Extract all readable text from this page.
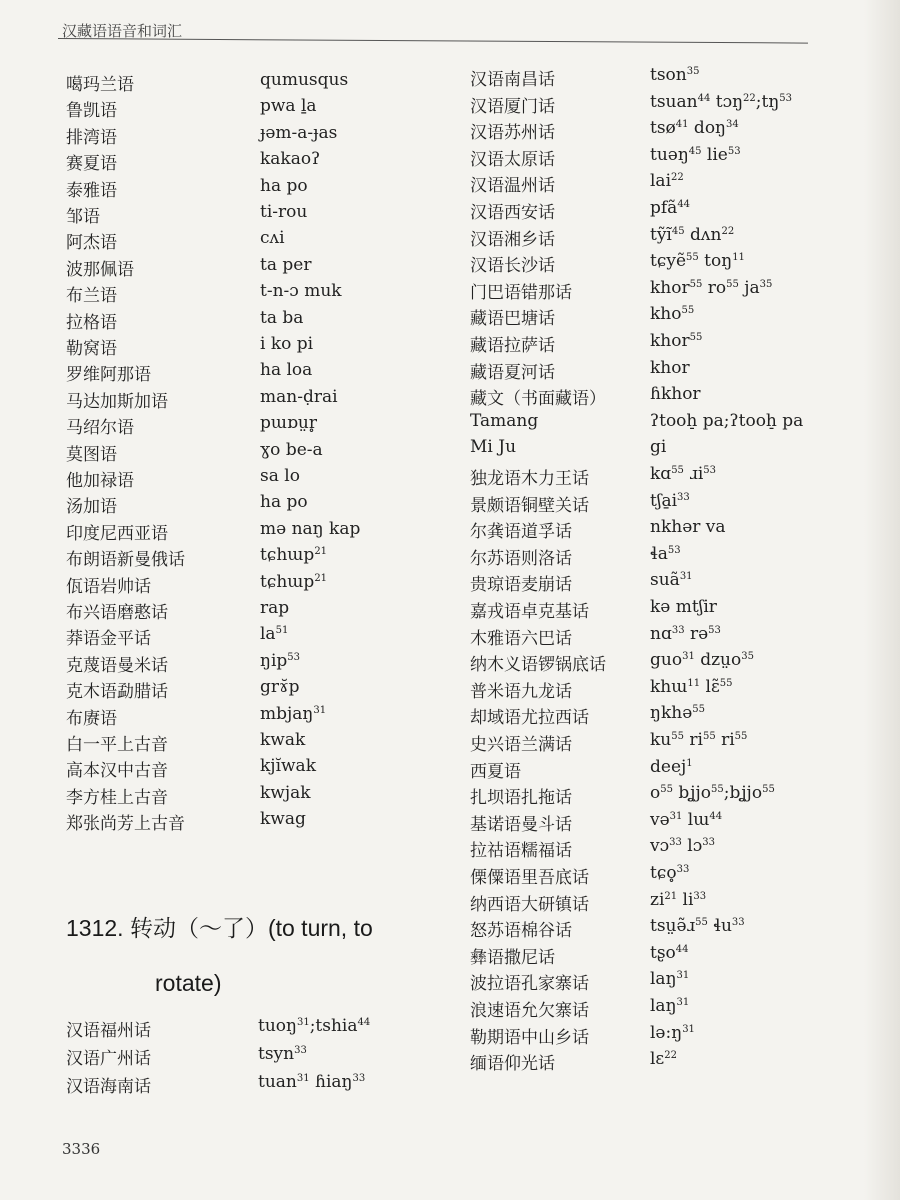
汉藏语语音和词汇
噶玛兰语	qumusqus
鲁凯语	pwa ḻa
排湾语	ɟəm-a-ɟas
赛夏语	kakaoʔ
泰雅语	ha po
邹语	ti-rou
阿杰语	cʌi
波那佩语	ta per
布兰语	t-n-ɔ muk
拉格语	ta ba
勒窝语	i ko pi
罗维阿那语	ha loa
马达加斯加语	man-ḍrai
马绍尔语	pɯɒṳr̥
莫图语	ɣo be-a
他加禄语	sa lo
汤加语	ha po
印度尼西亚语	mə naŋ kap
布朗语新曼俄话	tɕhɯp$^{21}$
佤语岩帅话	tɕhɯp$^{21}$
布兴语磨憨话	rap
莽语金平话	$la^{51}$
克蔑语曼米话	ŋip$^{53}$
克木语勐腊话	grɤ̆p
布赓语	mbjaŋ$^{31}$
白一平上古音	kwak
高本汉中古音	kjĭwak
李方桂上古音	kwjak
郑张尚芳上古音	kwag
1312. 转动（～了）(to turn, to
rotate)
汉语福州话	tuoŋ$^{31}$;tshia$^{44}$
汉语广州话	tsyn$^{33}$
汉语海南话	tuan$^{31}$ ɦiaŋ$^{33}$
汉语南昌话	tson$^{35}$
汉语厦门话	tsuan$^{44}$ $tɔŋ^{22};tŋ^{53}$
汉语苏州话	tsø$^{41}$ doŋ$^{34}$
汉语太原话	tuəŋ$^{45}$ lie$^{53}$
汉语温州话	lai$^{22}$
汉语西安话	pfã$^{44}$
汉语湘乡话	tỹĩ$^{45}$ dʌn$^{22}$
汉语长沙话	tɕyẽ$^{55}$ toŋ$^{11}$
门巴语错那话	khor$^{55}$ $ro^{55}$ $ja^{35}$
藏语巴塘话	kho$^{55}$
藏语拉萨话	khor$^{55}$
藏语夏河话	khor
藏文（书面藏语）	ɦkhor
Tamang	ʔtooh̠ pa;ʔtooh̠ pa
Mi Ju	gi
独龙语木力王话	kɑ$^{55}$ ɹi$^{53}$
景颇语铜壁关话	$tʃa̱i^{33}$
尔龚语道孚话	nkhər va
尔苏语则洛话	ɬa$^{53}$
贵琼语麦崩话	suã$^{31}$
嘉戎语卓克基话	kə mtʃir
木雅语六巴话	nɑ$^{33}$ rə$^{53}$
纳木义语锣锅底话	guo$^{31}$ dzṳo$^{35}$
普米语九龙话	khɯ$^{11}$ lɛ̃$^{55}$
却域语尤拉西话	ŋkhə$^{55}$
史兴语兰满话	$ku^{55}$ $ri^{55}$ $ri^{55}$
西夏语	deej$^1$
扎坝语扎拖话	$o^{55}$ bʝjo$^{55}$;bʝjo$^{55}$
基诺语曼斗话	və$^{31}$ lɯ$^{44}$
拉祜语糯福话	vɔ$^{33}$ lɔ$^{33}$
傈僳语里吾底话	tɕo̥$^{33}$
纳西语大研镇话	$zi^{21}$ $li^{33}$
怒苏语棉谷话	tsṳə̃ɹ$^{55}$ ɬu$^{33}$
彝语撒尼话	tʂo$^{44}$
波拉语孔家寨话	laŋ$^{31}$
浪速语允欠寨话	laŋ$^{31}$
勒期语中山乡话	$lə:ŋ^{31}$
缅语仰光话	lɛ$^{22}$
3336
